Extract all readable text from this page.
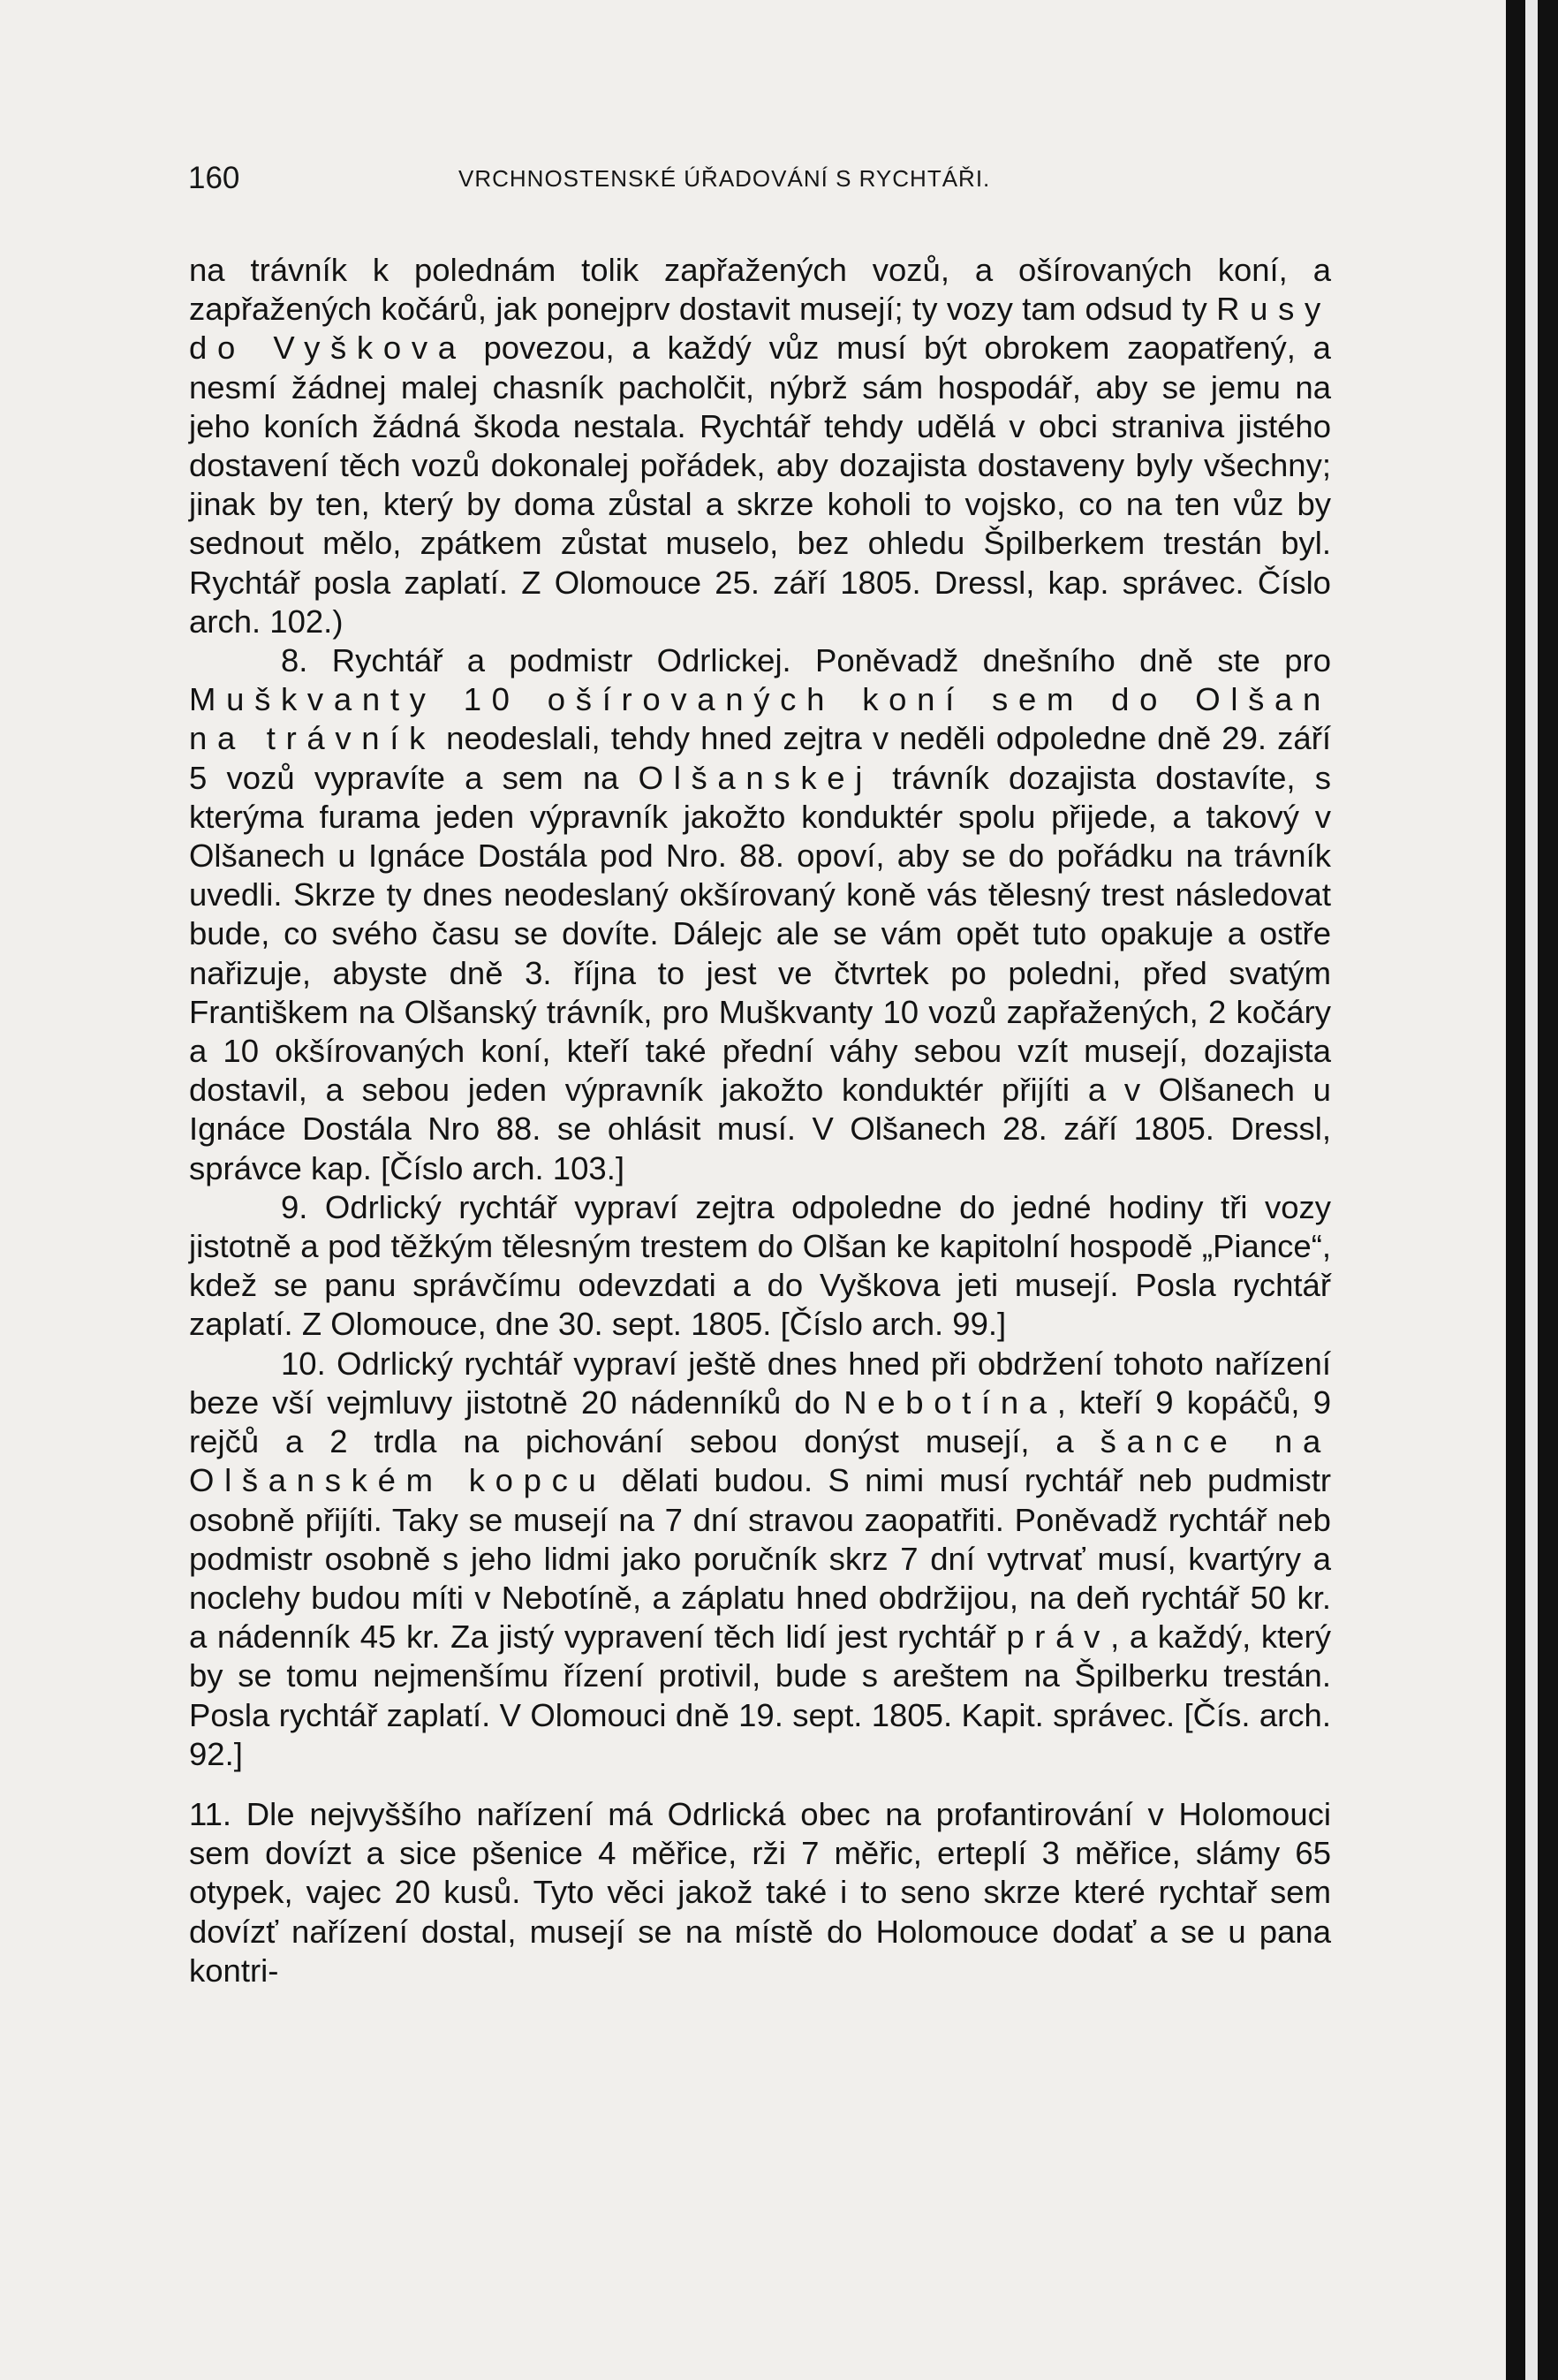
160	VRCHNOSTENSKÉ ÚŘADOVÁNÍ S RYCHTÁŘI.

na trávník k polednám tolik zapřažených vozů, a ošírovaných koní, a zapřažených kočárů, jak ponejprv dostavit musejí; ty vozy tam odsud ty Rusy do Vyškova povezou, a každý vůz musí být obrokem zaopatřený, a nesmí žádnej malej chasník pacholčit, nýbrž sám hospodář, aby se jemu na jeho koních žádná škoda nestala. Rychtář tehdy udělá v obci straniva jistého dostavení těch vozů dokonalej pořádek, aby dozajista dostaveny byly všechny; jinak by ten, který by doma zůstal a skrze koholi to vojsko, co na ten vůz by sednout mělo, zpátkem zůstat muselo, bez ohledu Špilberkem trestán byl. Rychtář posla zaplatí. Z Olomouce 25. září 1805. Dressl, kap. správec. Číslo arch. 102.)

8. Rychtář a podmistr Odrlickej. Poněvadž dnešního dně ste pro Muškvanty 10 ošírovaných koní sem do Olšan na trávník neodeslali, tehdy hned zejtra v neděli odpoledne dně 29. září 5 vozů vypravíte a sem na Olšanskej trávník dozajista dostavíte, s kterýma furama jeden výpravník jakožto konduktér spolu přijede, a takový v Olšanech u Ignáce Dostála pod Nro. 88. opoví, aby se do pořádku na trávník uvedli. Skrze ty dnes neodeslaný okšírovaný koně vás tělesný trest následovat bude, co svého času se dovíte. Dálejc ale se vám opět tuto opakuje a ostře nařizuje, abyste dně 3. října to jest ve čtvrtek po poledni, před svatým Františkem na Olšanský trávník, pro Muškvanty 10 vozů zapřažených, 2 kočáry a 10 okšírovaných koní, kteří také přední váhy sebou vzít musejí, dozajista dostavil, a sebou jeden výpravník jakožto konduktér přijíti a v Olšanech u Ignáce Dostála Nro 88. se ohlásit musí. V Olšanech 28. září 1805. Dressl, správce kap. [Číslo arch. 103.]

9. Odrlický rychtář vypraví zejtra odpoledne do jedné hodiny tři vozy jistotně a pod těžkým tělesným trestem do Olšan ke kapitolní hospodě „Piance“, kdež se panu správčímu odevzdati a do Vyškova jeti musejí. Posla rychtář zaplatí. Z Olomouce, dne 30. sept. 1805. [Číslo arch. 99.]

10. Odrlický rychtář vypraví ještě dnes hned při obdržení tohoto nařízení beze vší vejmluvy jistotně 20 nádenníků do Nebotína, kteří 9 kopáčů, 9 rejčů a 2 trdla na pichování sebou donýst musejí, a šance na Olšanském kopcu dělati budou. S nimi musí rychtář neb pudmistr osobně přijíti. Taky se musejí na 7 dní stravou zaopatřiti. Poněvadž rychtář neb podmistr osobně s jeho lidmi jako poručník skrz 7 dní vytrvať musí, kvartýry a noclehy budou míti v Nebotíně, a záplatu hned obdržijou, na deň rychtář 50 kr. a nádenník 45 kr. Za jistý vypravení těch lidí jest rychtář práv, a každý, který by se tomu nejmenšímu řízení protivil, bude s areštem na Špilberku trestán. Posla rychtář zaplatí. V Olomouci dně 19. sept. 1805. Kapit. správec. [Čís. arch. 92.]

11. Dle nejvyššího nařízení má Odrlická obec na profantirování v Holomouci sem dovízt a sice pšenice 4 měřice, rži 7 měřic, erteplí 3 měřice, slámy 65 otypek, vajec 20 kusů. Tyto věci jakož také i to seno skrze které rychtař sem dovízť nařízení dostal, musejí se na místě do Holomouce dodať a se u pana kontri-
